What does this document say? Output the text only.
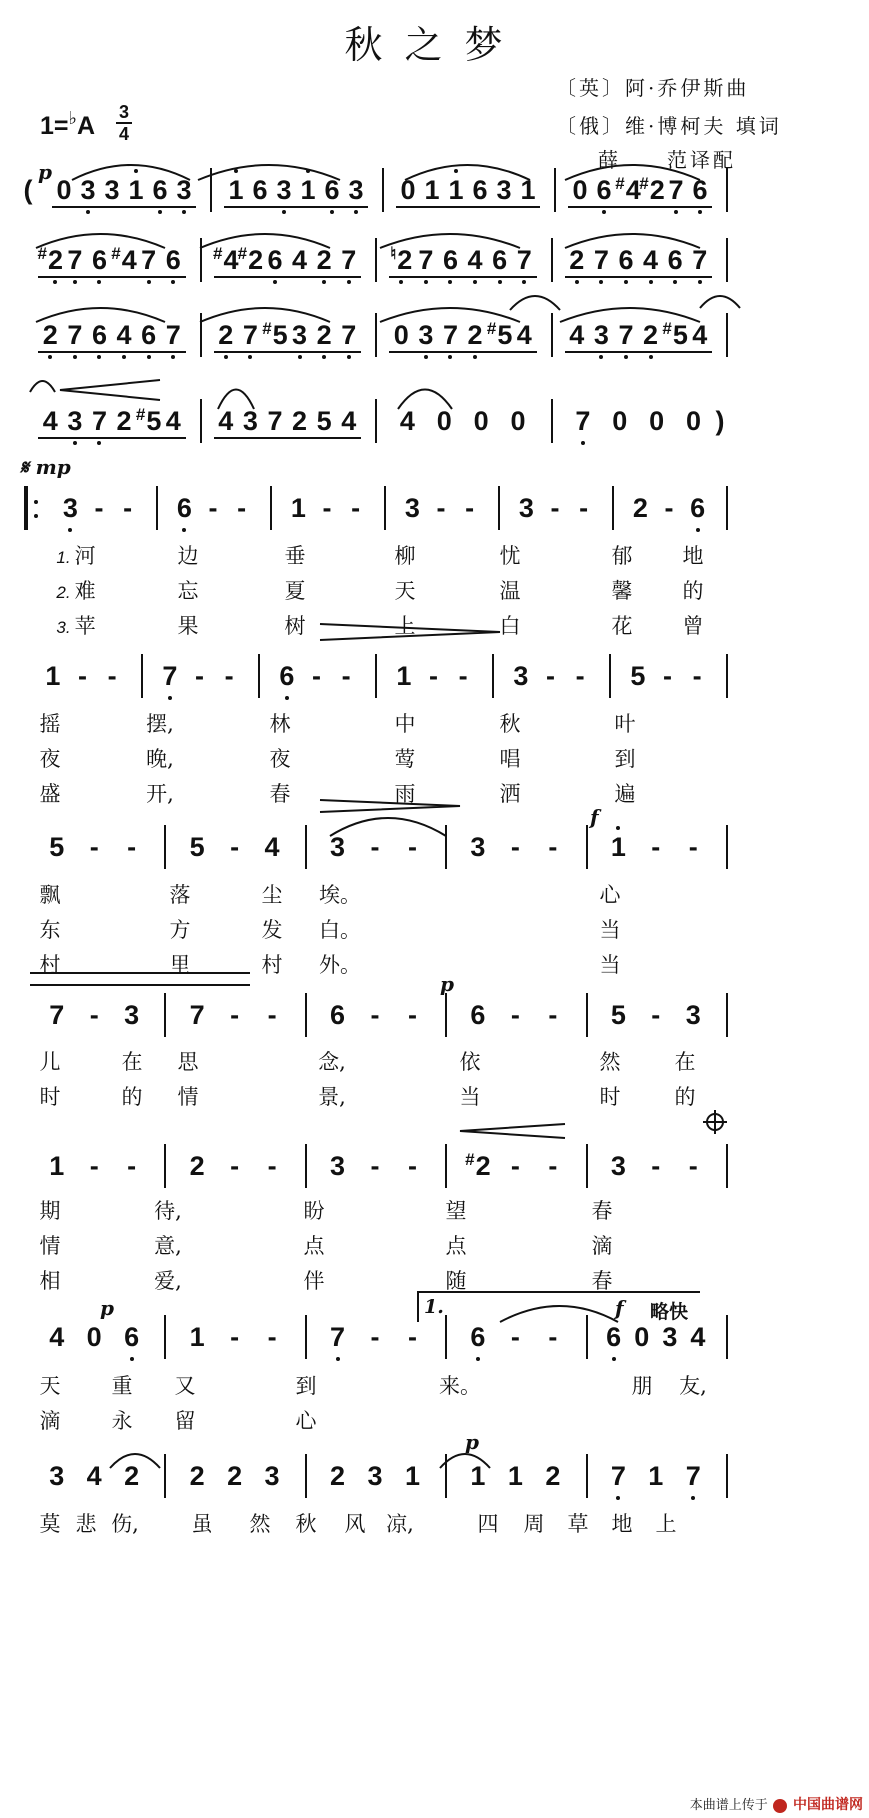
秋之梦
〔英〕阿·乔伊斯曲
〔俄〕维·博柯夫 填词
薛　　范译配
1=♭A 3
4
( 0 3 3 1 6 3 1 6 3 1 6 3 0 1 1 6 3 1 0 6 #4
#2 7 6
#2 7 6 #4 7 6 #4 #2 6 4 2 7 ♮2 7 6 4 6 7 2 7 6 4 6 7
2 7 6 4 6 7 2 7 #5 3 2 7 0 3 7 2 #5 4 4 3 7 2 #5 4
4 3 7 2 #5 4 4 3 7 2 5 4 4 0 0 0 7 0 0 0 )
3 - - 6 - - 1 - - 3 - - 3 - - 2 - 6
1 - - 7 - - 6 - - 1 - - 3 - - 5 - -
5 - - 5 - 4 3 - - 3 - - 1 - -
7 - 3 7 - - 6 - - 6 - - 5 - 3
1 - - 2 - - 3 - -	#2 - - 3 - -
4 0 6 1 - - 7 - - 6 - - 6 0 3 4
3 4 2 2 2 3 2 3 1 1 1 2 7 1 7
1. 河	边	垂	柳	忧	郁 地
2. 难	忘	夏	天	温	馨 的
3. 苹	果	树	上	白	花 曾
摇	摆,	林	中	秋	叶
夜	晚,	夜	莺	唱	到
盛	开,	春	雨	洒	遍
飘	落	尘 埃。	心
东	方	发 白。	当
村	里	村 外。	当
儿	在 思	念,	依	然	在
时	的 情	景,	当	时	的
期	待,	盼	望	春
情	意,	点	点	滴
相	爱,	伴	随	春
天 重 又	到	来。	朋 友,
滴 永 留	心
莫 悲 伤,	虽 然 秋 风 凉,	四 周 草 地 上
p
𝄋 mp
f
p
p	f 略快
p
1.
本曲谱上传于 中国曲谱网
